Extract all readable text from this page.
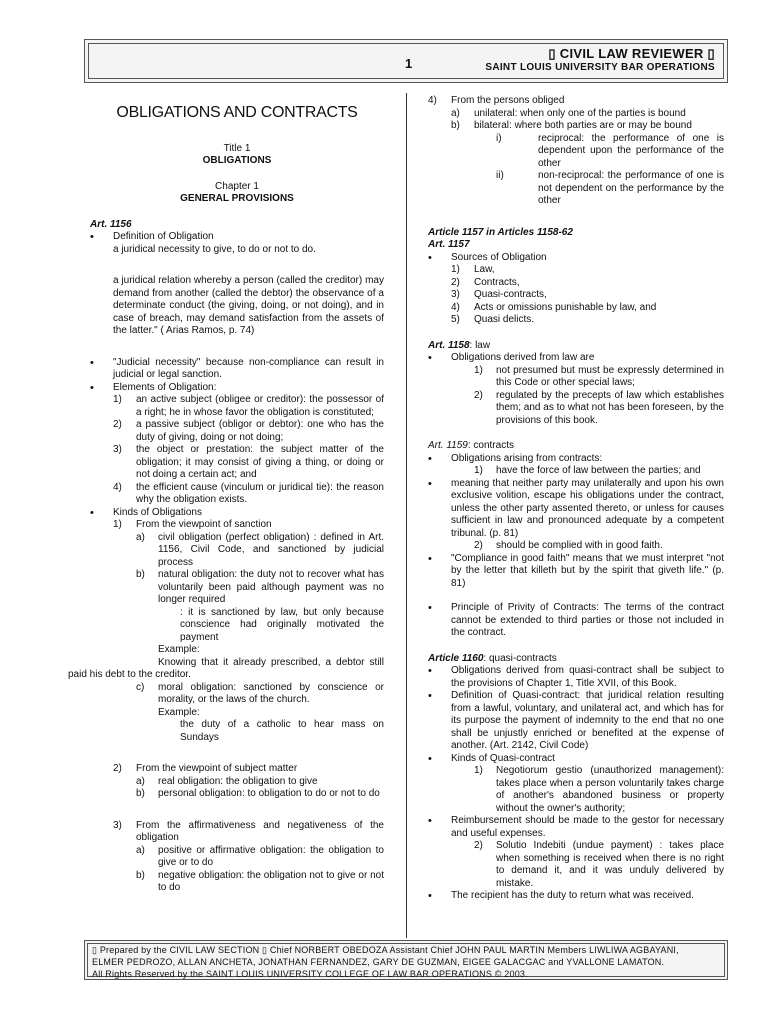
1
▯ CIVIL LAW REVIEWER ▯
SAINT LOUIS UNIVERSITY BAR OPERATIONS
OBLIGATIONS AND CONTRACTS

Title 1

OBLIGATIONS

Chapter 1

GENERAL PROVISIONS

Art. 1156

• Definition of Obligation

a juridical necessity to give, to do or not to do.

a juridical relation whereby a person (called the creditor) may demand from another (called the debtor) the observance of a determinate conduct (the giving, doing, or not doing), and in case of breach, may demand satisfaction from the assets of the latter." ( Arias Ramos, p. 74)

• "Judicial necessity" because non-compliance can result in judicial or legal sanction.
• Elements of Obligation:
1) an active subject (obligee or creditor): the possessor of a right; he in whose favor the obligation is constituted;
2) a passive subject (obligor or debtor): one who has the duty of giving, doing or not doing;
3) the object or prestation: the subject matter of the obligation; it may consist of giving a thing, or doing or not doing a certain act; and
4) the efficient cause (vinculum or juridical tie): the reason why the obligation exists.
• Kinds of Obligations
1) From the viewpoint of sanction
a) civil obligation (perfect obligation) : defined in Art. 1156, Civil Code, and sanctioned by judicial process
b) natural obligation: the duty not to recover what has voluntarily been paid although payment was no longer required

: it is sanctioned by law, but only because conscience had originally motivated the payment

Example:

Knowing that it already prescribed, a debtor still paid his debt to the creditor.

c) moral obligation: sanctioned by conscience or morality, or the laws of the church.

Example:

the duty of a catholic to hear mass on Sundays

2) From the viewpoint of subject matter
a) real obligation: the obligation to give
b) personal obligation: to obligation to do or not to do
3) From the affirmativeness and negativeness of the obligation
a) positive or affirmative obligation: the obligation to give or to do
b) negative obligation: the obligation not to give or not to do
4) From the persons obliged
a) unilateral: when only one of the parties is bound
b) bilateral: where both parties are or may be bound
i)	reciprocal: the performance of one is dependent upon the performance of the other
ii)	non-reciprocal: the performance of one is not dependent on the performance by the other

Article 1157 in Articles 1158-62

Art. 1157

• Sources of Obligation
1) Law,
2) Contracts,
3) Quasi-contracts,
4) Acts or omissions punishable by law, and
5) Quasi delicts.

Art. 1158: law

• Obligations derived from law are
1) not presumed but must be expressly determined in this Code or other special laws;
2) regulated by the precepts of law which establishes them; and as to what not has been foreseen, by the provisions of this book.

Art. 1159: contracts

• Obligations arising from contracts:
1) have the force of law between the parties; and
• meaning that neither party may unilaterally and upon his own exclusive volition, escape his obligations under the contract, unless the other party assented thereto, or unless for causes sufficient in law and pronounced adequate by a competent tribunal. (p. 81)
2) should be complied with in good faith.
• "Compliance in good faith" means that we must interpret "not by the letter that killeth but by the spirit that giveth life." (p. 81)
• Principle of Privity of Contracts: The terms of the contract cannot be extended to third parties or those not included in the contract.

Article 1160: quasi-contracts

• Obligations derived from quasi-contract shall be subject to the provisions of Chapter 1, Title XVII, of this Book.
• Definition of Quasi-contract: that juridical relation resulting from a lawful, voluntary, and unilateral act, and which has for its purpose the payment of indemnity to the end that no one shall be unjustly enriched or benefited at the expense of another. (Art. 2142, Civil Code)
• Kinds of Quasi-contract
1) Negotiorum gestio (unauthorized management): takes place when a person voluntarily takes charge of another's abandoned business or property without the owner's authority;
• Reimbursement should be made to the gestor for necessary and useful expenses.
2) Solutio Indebiti (undue payment) : takes place when something is received when there is no right to demand it, and it was unduly delivered by mistake.
• The recipient has the duty to return what was received.
▯ Prepared by the CIVIL LAW SECTION ▯ Chief NORBERT OBEDOZA Assistant Chief JOHN PAUL MARTIN Members LIWLIWA AGBAYANI,
ELMER PEDROZO, ALLAN ANCHETA, JONATHAN FERNANDEZ, GARY DE GUZMAN, EIGEE GALACGAC and YVALLONE LAMATON.
All Rights Reserved by the SAINT LOUIS UNIVERSITY COLLEGE OF LAW BAR OPERATIONS © 2003.
